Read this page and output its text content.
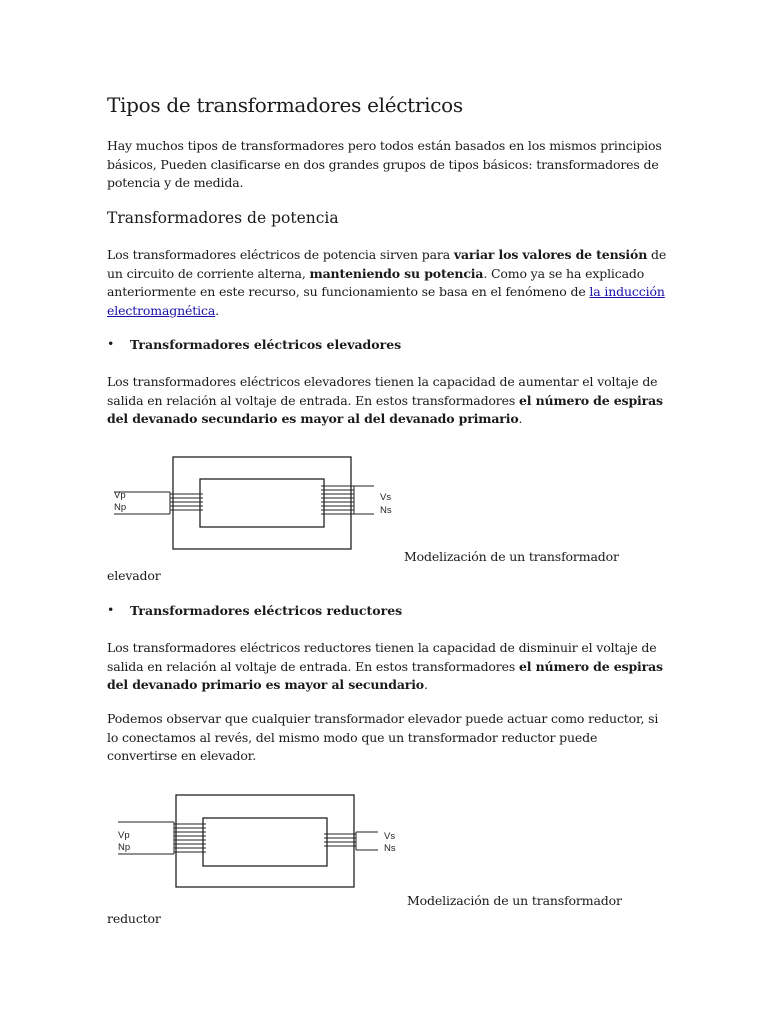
Tipos de transformadores eléctricos

Hay muchos tipos de transformadores pero todos están basados en los mismos principios básicos, Pueden clasificarse en dos grandes grupos de tipos básicos: transformadores de potencia y de medida.

Transformadores de potencia

Los transformadores eléctricos de potencia sirven para variar los valores de tensión de un circuito de corriente alterna, manteniendo su potencia. Como ya se ha explicado anteriormente en este recurso, su funcionamiento se basa en el fenómeno de la inducción electromagnética.

• Transformadores eléctricos elevadores

Los transformadores eléctricos elevadores tienen la capacidad de aumentar el voltaje de salida en relación al voltaje de entrada. En estos transformadores el número de espiras del devanado secundario es mayor al del devanado primario.

Modelización de un transformador

elevador

• Transformadores eléctricos reductores

Los transformadores eléctricos reductores tienen la capacidad de disminuir el voltaje de salida en relación al voltaje de entrada. En estos transformadores el número de espiras del devanado primario es mayor al secundario.

Podemos observar que cualquier transformador elevador puede actuar como reductor, si lo conectamos al revés, del mismo modo que un transformador reductor puede convertirse en elevador.

Modelización de un transformador

reductor

Vp
Np
Vs
Ns
Vp
Np
Vs
Ns
